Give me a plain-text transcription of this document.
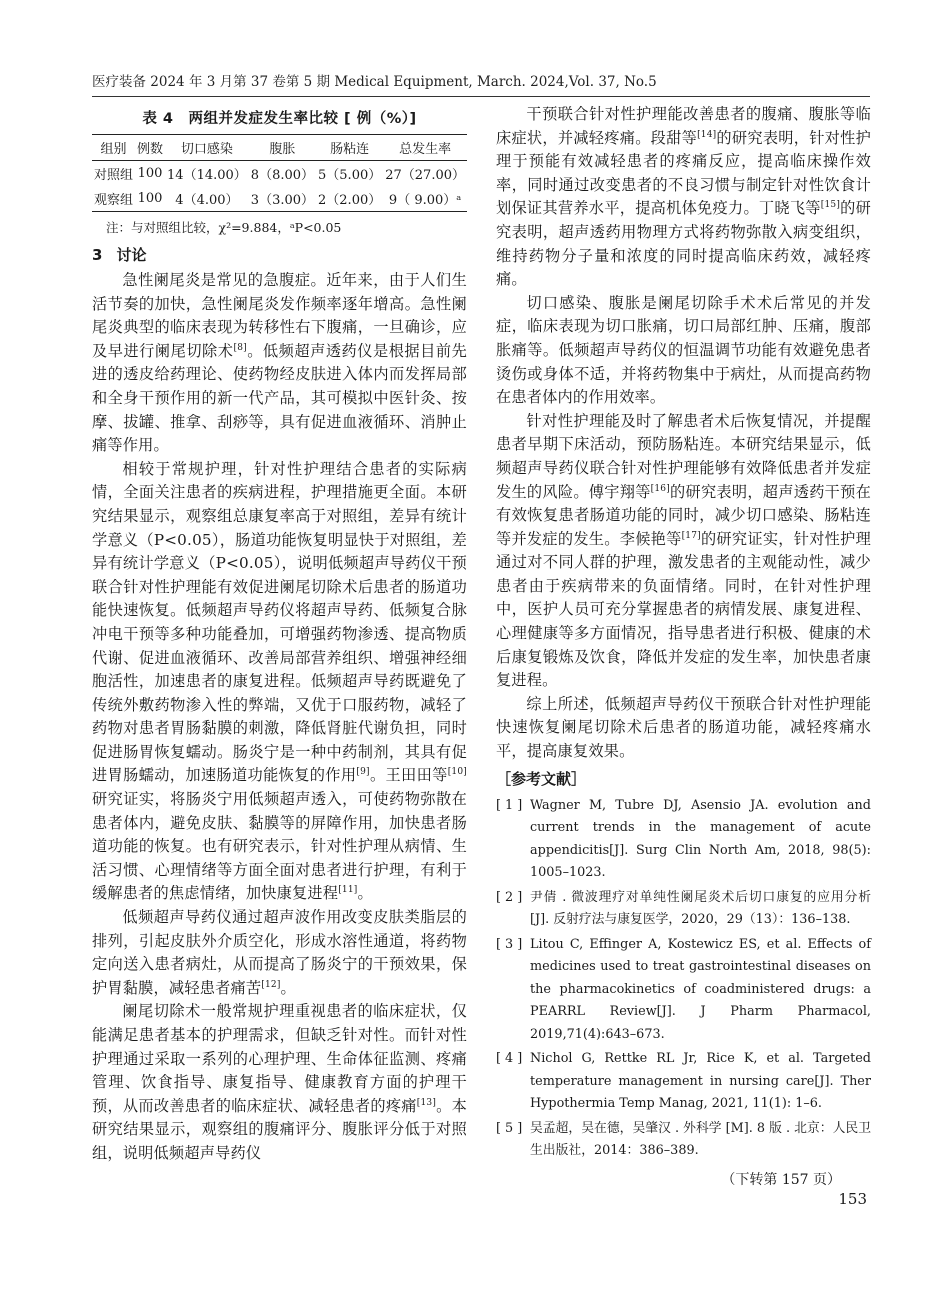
医疗装备 2024 年 3 月第 37 卷第 5 期 Medical Equipment, March. 2024,Vol. 37, No.5
表 4　两组并发症发生率比较 [ 例（%）]
组别	例数	切口感染	腹胀	肠粘连	总发生率
对照组	100	14（14.00）	8（8.00）	5（5.00）	27（27.00）
观察组	100	4（4.00）	3（3.00）	2（2.00）	9（ 9.00）ᵃ
注：与对照组比较，χ²=9.884，ᵃP<0.05
3 讨论

急性阑尾炎是常见的急腹症。近年来，由于人们生活节奏的加快，急性阑尾炎发作频率逐年增高。急性阑尾炎典型的临床表现为转移性右下腹痛，一旦确诊，应及早进行阑尾切除术[8]。低频超声透药仪是根据目前先进的透皮给药理论、使药物经皮肤进入体内而发挥局部和全身干预作用的新一代产品，其可模拟中医针灸、按摩、拔罐、推拿、刮痧等，具有促进血液循环、消肿止痛等作用。

相较于常规护理，针对性护理结合患者的实际病情，全面关注患者的疾病进程，护理措施更全面。本研究结果显示，观察组总康复率高于对照组，差异有统计学意义（P<0.05），肠道功能恢复明显快于对照组，差异有统计学意义（P<0.05），说明低频超声导药仪干预联合针对性护理能有效促进阑尾切除术后患者的肠道功能快速恢复。低频超声导药仪将超声导药、低频复合脉冲电干预等多种功能叠加，可增强药物渗透、提高物质代谢、促进血液循环、改善局部营养组织、增强神经细胞活性，加速患者的康复进程。低频超声导药既避免了传统外敷药物渗入性的弊端，又优于口服药物，减轻了药物对患者胃肠黏膜的刺激，降低肾脏代谢负担，同时促进肠胃恢复蠕动。肠炎宁是一种中药制剂，其具有促进胃肠蠕动，加速肠道功能恢复的作用[9]。王田田等[10]研究证实，将肠炎宁用低频超声透入，可使药物弥散在患者体内，避免皮肤、黏膜等的屏障作用，加快患者肠道功能的恢复。也有研究表示，针对性护理从病情、生活习惯、心理情绪等方面全面对患者进行护理，有利于缓解患者的焦虑情绪，加快康复进程[11]。

低频超声导药仪通过超声波作用改变皮肤类脂层的排列，引起皮肤外介质空化，形成水溶性通道，将药物定向送入患者病灶，从而提高了肠炎宁的干预效果，保护胃黏膜，减轻患者痛苦[12]。

阑尾切除术一般常规护理重视患者的临床症状，仅能满足患者基本的护理需求，但缺乏针对性。而针对性护理通过采取一系列的心理护理、生命体征监测、疼痛管理、饮食指导、康复指导、健康教育方面的护理干预，从而改善患者的临床症状、减轻患者的疼痛[13]。本研究结果显示，观察组的腹痛评分、腹胀评分低于对照组，说明低频超声导药仪

干预联合针对性护理能改善患者的腹痛、腹胀等临床症状，并减轻疼痛。段甜等[14]的研究表明，针对性护理于预能有效减轻患者的疼痛反应，提高临床操作效率，同时通过改变患者的不良习惯与制定针对性饮食计划保证其营养水平，提高机体免疫力。丁晓飞等[15]的研究表明，超声透药用物理方式将药物弥散入病变组织，维持药物分子量和浓度的同时提高临床药效，减轻疼痛。

切口感染、腹胀是阑尾切除手术术后常见的并发症，临床表现为切口胀痛，切口局部红肿、压痛，腹部胀痛等。低频超声导药仪的恒温调节功能有效避免患者烫伤或身体不适，并将药物集中于病灶，从而提高药物在患者体内的作用效率。

针对性护理能及时了解患者术后恢复情况，并提醒患者早期下床活动，预防肠粘连。本研究结果显示，低频超声导药仪联合针对性护理能够有效降低患者并发症发生的风险。傅宇翔等[16]的研究表明，超声透药干预在有效恢复患者肠道功能的同时，减少切口感染、肠粘连等并发症的发生。李候艳等[17]的研究证实，针对性护理通过对不同人群的护理，激发患者的主观能动性，减少患者由于疾病带来的负面情绪。同时，在针对性护理中，医护人员可充分掌握患者的病情发展、康复进程、心理健康等多方面情况，指导患者进行积极、健康的术后康复锻炼及饮食，降低并发症的发生率，加快患者康复进程。

综上所述，低频超声导药仪干预联合针对性护理能快速恢复阑尾切除术后患者的肠道功能，减轻疼痛水平，提高康复效果。

［参考文献］
[ 1 ] Wagner M, Tubre DJ, Asensio JA. evolution and current trends in the management of acute appendicitis[J]. Surg Clin North Am, 2018, 98(5): 1005–1023.
[ 2 ] 尹倩 . 微波理疗对单纯性阑尾炎术后切口康复的应用分析 [J]. 反射疗法与康复医学，2020，29（13）：136–138.
[ 3 ] Litou C, Effinger A, Kostewicz ES, et al. Effects of medicines used to treat gastrointestinal diseases on the pharmacokinetics of coadministered drugs: a PEARRL Review[J]. J Pharm Pharmacol, 2019,71(4):643–673.
[ 4 ] Nichol G, Rettke RL Jr, Rice K, et al. Targeted temperature management in nursing care[J]. Ther Hypothermia Temp Manag, 2021, 11(1): 1–6.
[ 5 ] 吴孟超，吴在德，吴肇汉 . 外科学 [M]. 8 版 . 北京：人民卫生出版社，2014：386–389.
（下转第 157 页）
153
